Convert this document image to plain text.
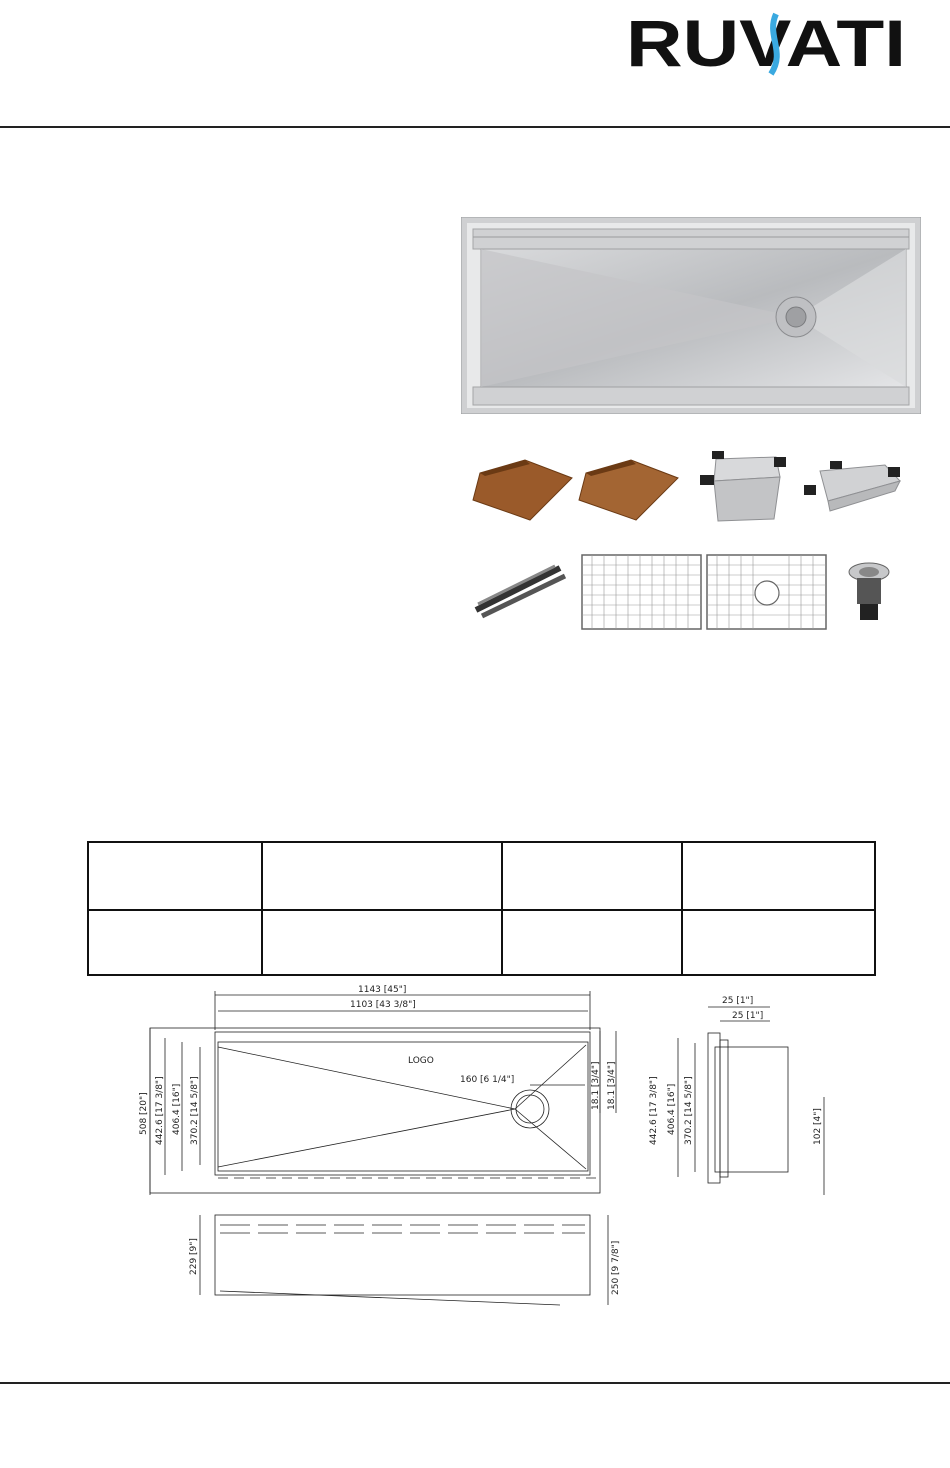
RUVATI

1143 [45"]
1103 [43 3/8"]
LOGO
160 [6 1/4"]
508 [20"] 442.6 [17 3/8"] 406.4 [16"] 370.2 [14 5/8"]	18.1 [3/4"] 18.1 [3/4"]
25 [1"]
25 [1"]
442.6 [17 3/8"] 406.4 [16"] 370.2 [14 5/8"]	102 [4"]
229 [9"]	250 [9 7/8"]
